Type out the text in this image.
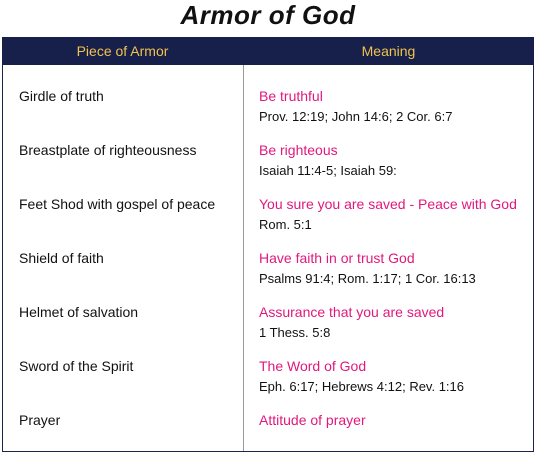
Armor of God
Piece of Armor	Meaning
Girdle of truth	Be truthful
Prov. 12:19; John 14:6; 2 Cor. 6:7
Breastplate of righteousness	Be righteous
Isaiah 11:4-5; Isaiah 59:
Feet Shod with gospel of peace	You sure you are saved - Peace with God
Rom. 5:1
Shield of faith	Have faith in or trust God
Psalms 91:4; Rom. 1:17; 1 Cor. 16:13
Helmet of salvation	Assurance that you are saved
1 Thess. 5:8
Sword of the Spirit	The Word of God
Eph. 6:17; Hebrews 4:12; Rev. 1:16
Prayer	Attitude of prayer
